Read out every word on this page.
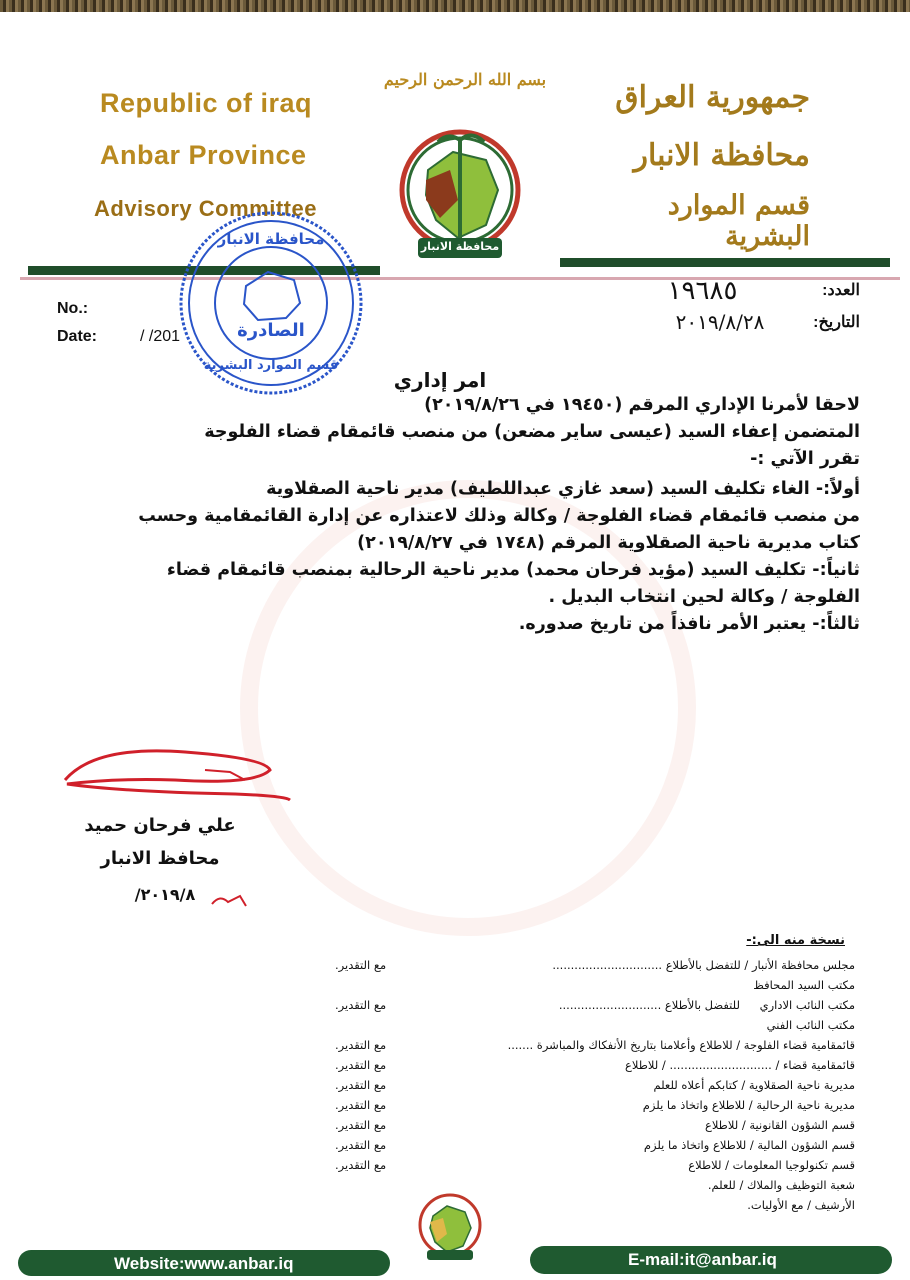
Republic of iraq
Anbar Province
Advisory Committee
بسم الله الرحمن الرحيم
محافظة الانبار
جمهورية العراق
محافظة الانبار
قسم الموارد البشرية
محافظة الانبار
الصادرة
قسم الموارد البشرية
No.:
Date:	/ /201
العدد:
١٩٦٨٥
التاريخ:
٢٠١٩/٨/٢٨
امر إداري
لاحقا لأمرنا الإداري المرقم (١٩٤٥٠ في ٢٠١٩/٨/٢٦)
المتضمن إعفاء السيد (عيسى ساير مضعن) من منصب قائمقام قضاء الفلوجة
تقرر الآتي :-
أولاً:- الغاء تكليف السيد (سعد غازي عبداللطيف) مدير ناحية الصقلاوية
من منصب قائمقام قضاء الفلوجة / وكالة وذلك لاعتذاره عن إدارة القائمقامية وحسب
كتاب مديرية ناحية الصقلاوية المرقم (١٧٤٨ في ٢٠١٩/٨/٢٧)
ثانياً:- تكليف السيد (مؤيد فرحان محمد) مدير ناحية الرحالية بمنصب قائمقام قضاء
الفلوجة / وكالة لحين انتخاب البديل .
ثالثاً:- يعتبر الأمر نافذاً من تاريخ صدوره.
علي فرحان حميد
محافظ الانبار
٢٠١٩/٨/
نسخة منه الى:-
مجلس محافظة الأنبار / للتفضل بالأطلاع ..............................
مع التقدير.
مكتب السيد المحافظ
مكتب النائب الاداري للتفضل بالأطلاع ............................
مع التقدير.
مكتب النائب الفني
قائمقامية قضاء الفلوجة / للاطلاع وأعلامنا بتاريخ الأنفكاك والمباشرة .......
مع التقدير.
قائمقامية قضاء / ............................ / للاطلاع
مع التقدير.
مديرية ناحية الصقلاوية / كتابكم أعلاه للعلم
مع التقدير.
مديرية ناحية الرحالية / للاطلاع واتخاذ ما يلزم
مع التقدير.
قسم الشؤون القانونية / للاطلاع
مع التقدير.
قسم الشؤون المالية / للاطلاع واتخاذ ما يلزم
مع التقدير.
قسم تكنولوجيا المعلومات / للاطلاع
مع التقدير.
شعبة التوظيف والملاك / للعلم.
الأرشيف / مع الأوليات.
Website:www.anbar.iq	E-mail:it@anbar.iq
